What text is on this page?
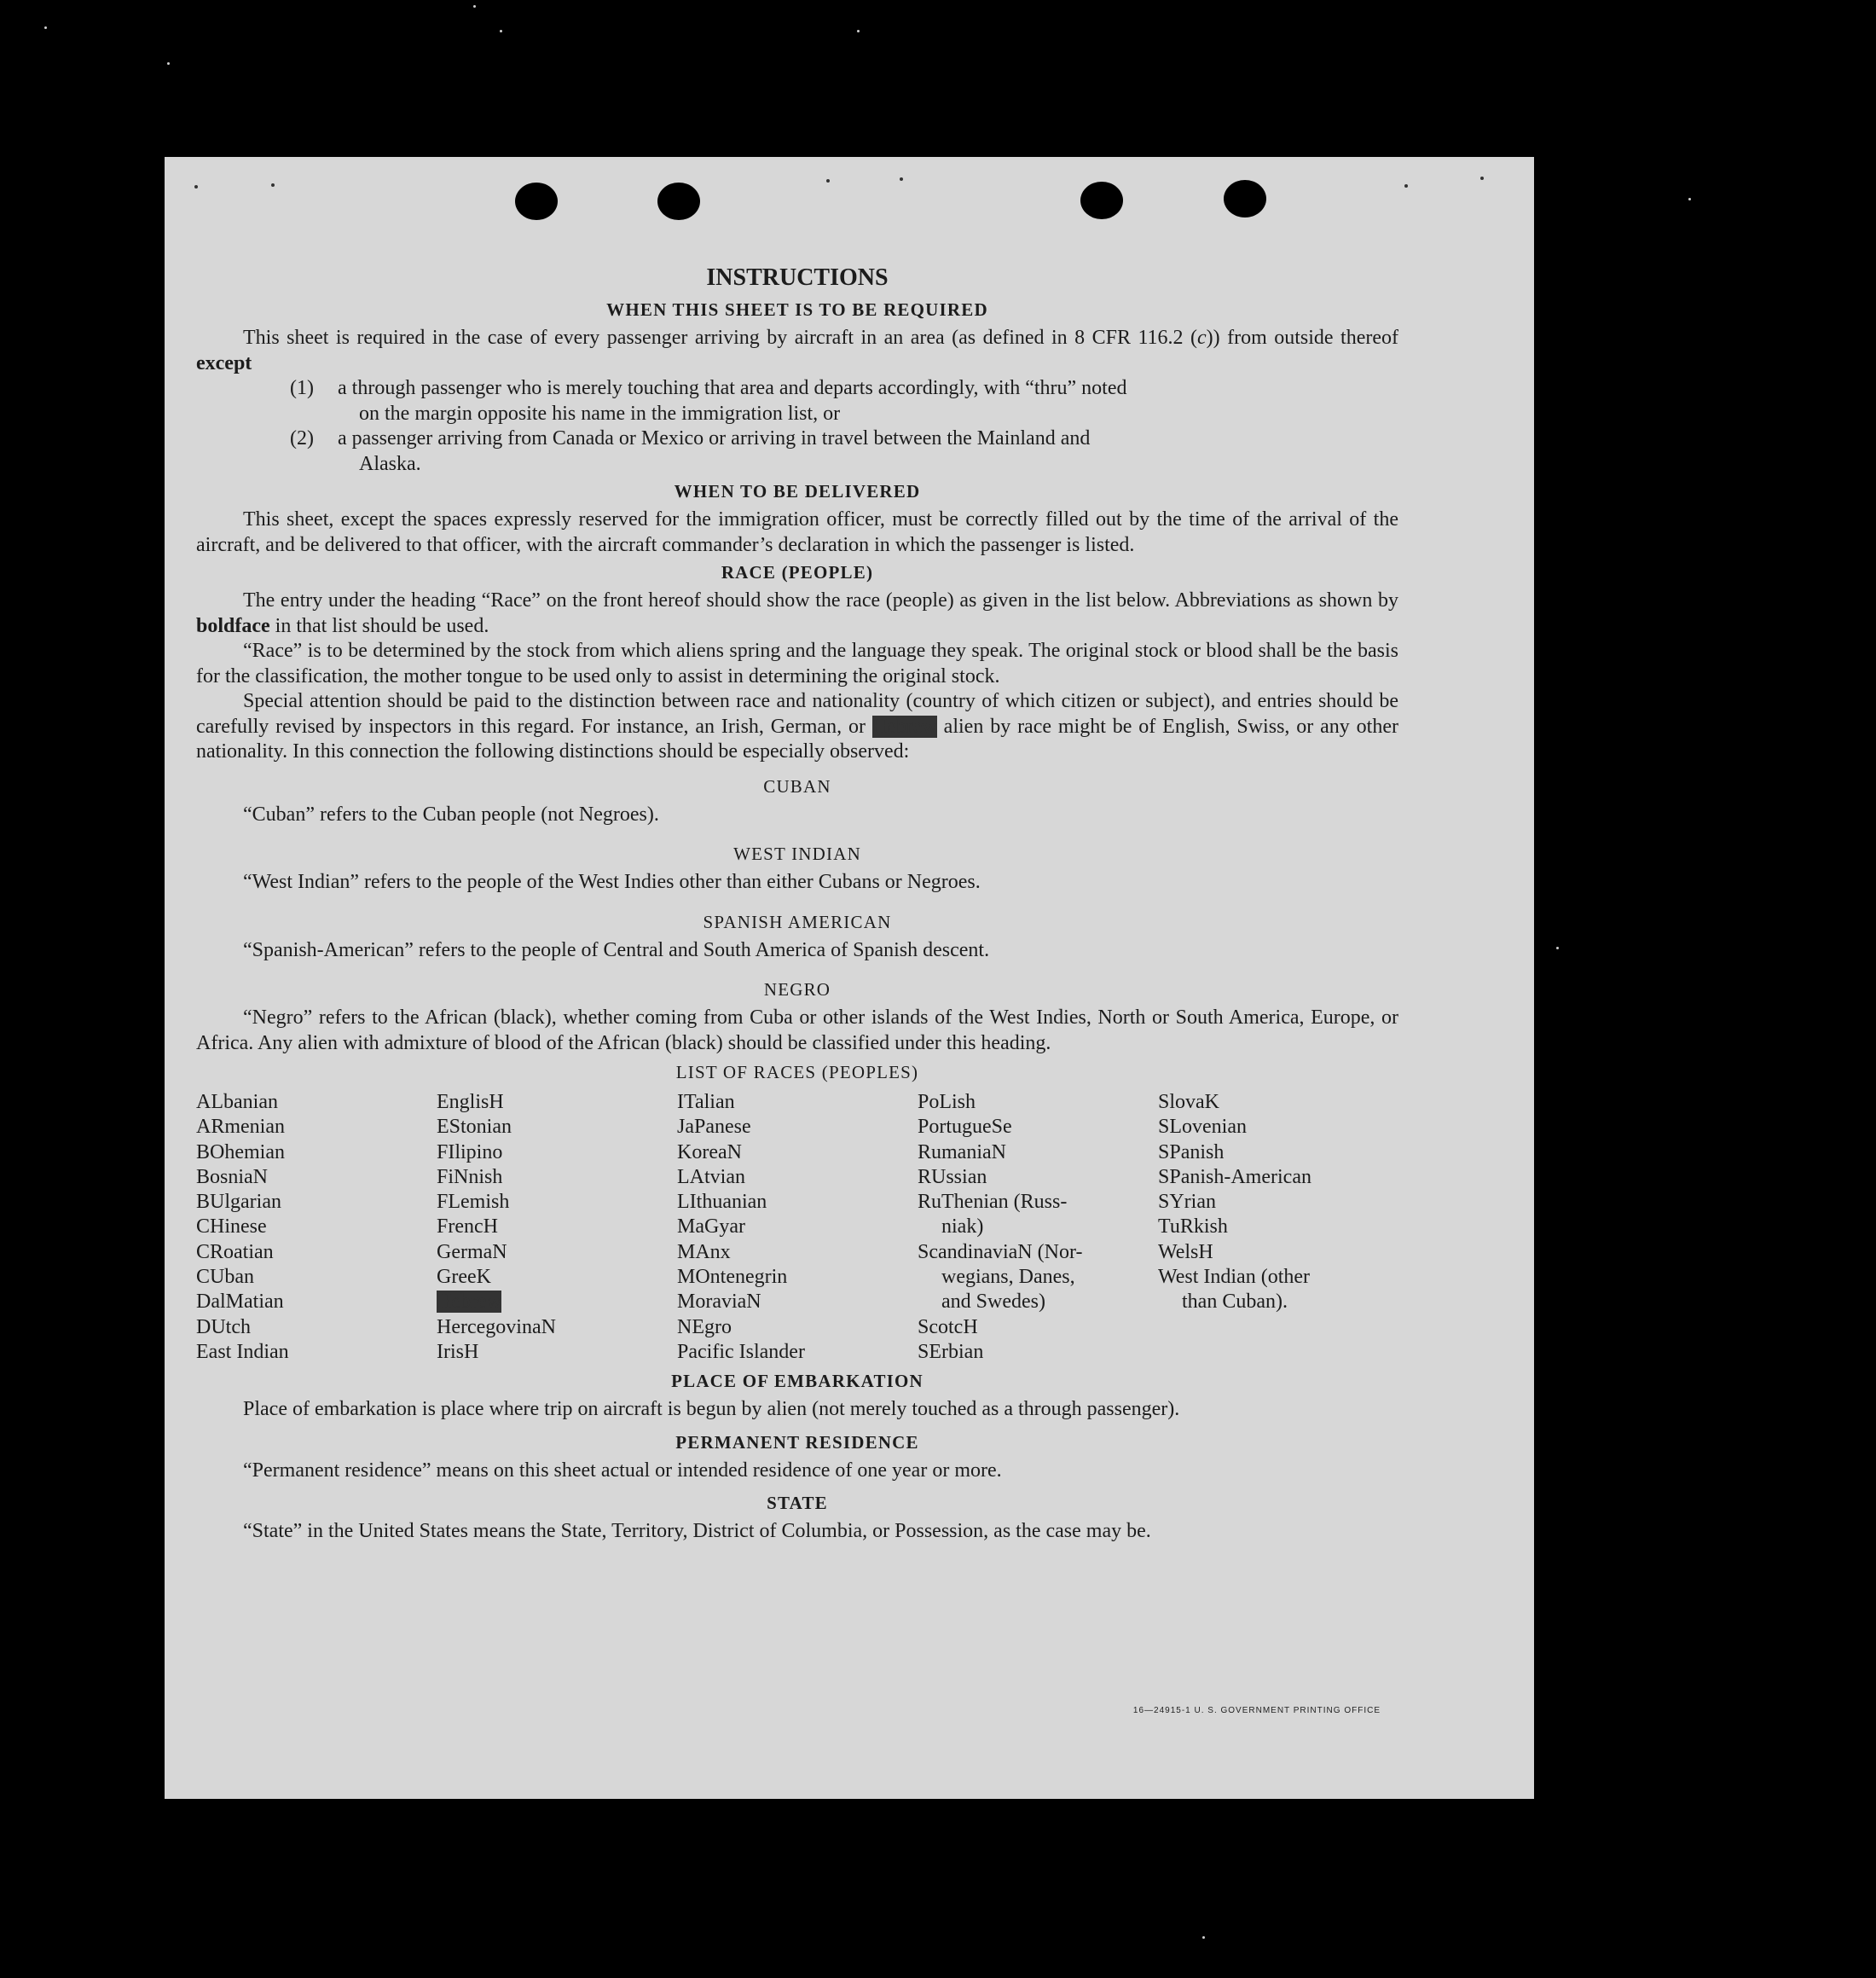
INSTRUCTIONS
WHEN THIS SHEET IS TO BE REQUIRED

This sheet is required in the case of every passenger arriving by aircraft in an area (as defined in 8 CFR 116.2 (c)) from outside thereof except

(1)	a through passenger who is merely touching that area and departs accordingly, with “thru” noted
on the margin opposite his name in the immigration list, or
(2)	a passenger arriving from Canada or Mexico or arriving in travel between the Mainland and
Alaska.
WHEN TO BE DELIVERED

This sheet, except the spaces expressly reserved for the immigration officer, must be correctly filled out by the time of the arrival of the aircraft, and be delivered to that officer, with the aircraft commander’s declaration in which the passenger is listed.

RACE (PEOPLE)

The entry under the heading “Race” on the front hereof should show the race (people) as given in the list below. Abbreviations as shown by boldface in that list should be used.

“Race” is to be determined by the stock from which aliens spring and the language they speak. The original stock or blood shall be the basis for the classification, the mother tongue to be used only to assist in determining the original stock.

Special attention should be paid to the distinction between race and nationality (country of which citizen or subject), and entries should be carefully revised by inspectors in this regard. For instance, an Irish, German, or Hebrew alien by race might be of English, Swiss, or any other nationality. In this connection the following distinctions should be especially observed:

CUBAN

“Cuban” refers to the Cuban people (not Negroes).

WEST INDIAN

“West Indian” refers to the people of the West Indies other than either Cubans or Negroes.

SPANISH AMERICAN

“Spanish-American” refers to the people of Central and South America of Spanish descent.

NEGRO

“Negro” refers to the African (black), whether coming from Cuba or other islands of the West Indies, North or South America, Europe, or Africa. Any alien with admixture of blood of the African (black) should be classified under this heading.

LIST OF RACES (PEOPLES)
ALbanian
ARmenian
BOhemian
BosniaN
BUlgarian
CHinese
CRoatian
CUban
DalMatian
DUtch
East Indian
EnglisH
EStonian
FIlipino
FiNnish
FLemish
FrencH
GermaN
GreeK
Hebrew
HercegovinaN
IrisH
ITalian
JaPanese
KoreaN
LAtvian
LIthuanian
MaGyar
MAnx
MOntenegrin
MoraviaN
NEgro
Pacific Islander
PoLish
PortugueSe
RumaniaN
RUssian
RuThenian (Russ-
niak)
ScandinaviaN (Nor-
wegians, Danes,
and Swedes)
ScotcH
SErbian
SlovaK
SLovenian
SPanish
SPanish-American
SYrian
TuRkish
WelsH
West Indian (other
than Cuban).
PLACE OF EMBARKATION

Place of embarkation is place where trip on aircraft is begun by alien (not merely touched as a through passenger).

PERMANENT RESIDENCE

“Permanent residence” means on this sheet actual or intended residence of one year or more.

STATE

“State” in the United States means the State, Territory, District of Columbia, or Possession, as the case may be.

16—24915-1 U. S. GOVERNMENT PRINTING OFFICE
